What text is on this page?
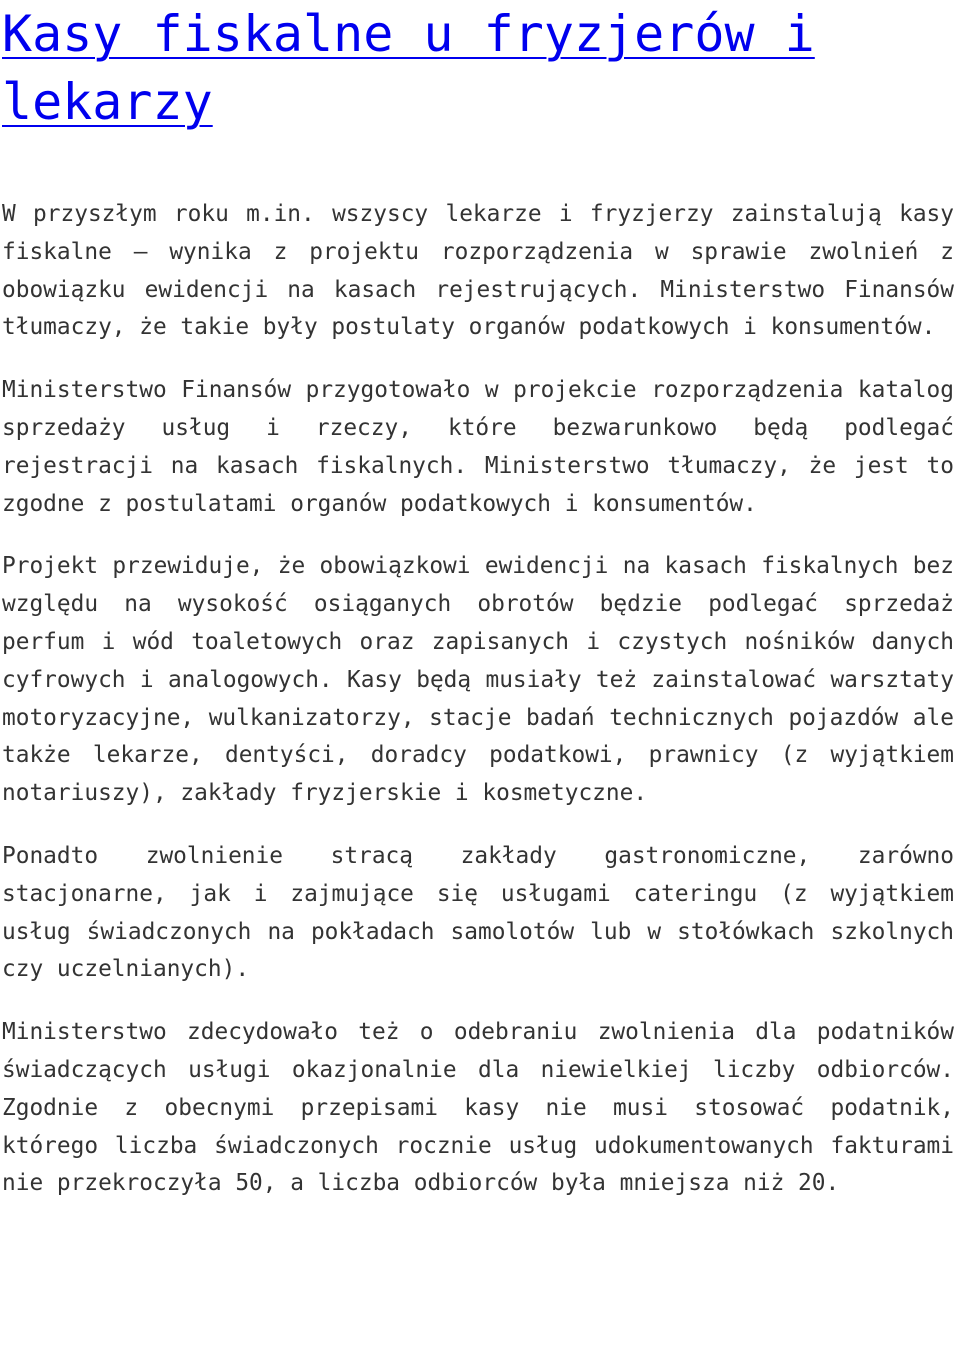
Kasy fiskalne u fryzjerów i lekarzy

W przyszłym roku m.in. wszyscy lekarze i fryzjerzy zainstalują kasy fiskalne – wynika z projektu rozporządzenia w sprawie zwolnień z obowiązku ewidencji na kasach rejestrujących. Ministerstwo Finansów tłumaczy, że takie były postulaty organów podatkowych i konsumentów.

Ministerstwo Finansów przygotowało w projekcie rozporządzenia katalog sprzedaży usług i rzeczy, które bezwarunkowo będą podlegać rejestracji na kasach fiskalnych. Ministerstwo tłumaczy, że jest to zgodne z postulatami organów podatkowych i konsumentów.

Projekt przewiduje, że obowiązkowi ewidencji na kasach fiskalnych bez względu na wysokość osiąganych obrotów będzie podlegać sprzedaż perfum i wód toaletowych oraz zapisanych i czystych nośników danych cyfrowych i analogowych. Kasy będą musiały też zainstalować warsztaty motoryzacyjne, wulkanizatorzy, stacje badań technicznych pojazdów ale także lekarze, dentyści, doradcy podatkowi, prawnicy (z wyjątkiem notariuszy), zakłady fryzjerskie i kosmetyczne.

Ponadto zwolnienie stracą zakłady gastronomiczne, zarówno stacjonarne, jak i zajmujące się usługami cateringu (z wyjątkiem usług świadczonych na pokładach samolotów lub w stołówkach szkolnych czy uczelnianych).

Ministerstwo zdecydowało też o odebraniu zwolnienia dla podatników świadczących usługi okazjonalnie dla niewielkiej liczby odbiorców. Zgodnie z obecnymi przepisami kasy nie musi stosować podatnik, którego liczba świadczonych rocznie usług udokumentowanych fakturami nie przekroczyła 50, a liczba odbiorców była mniejsza niż 20.
